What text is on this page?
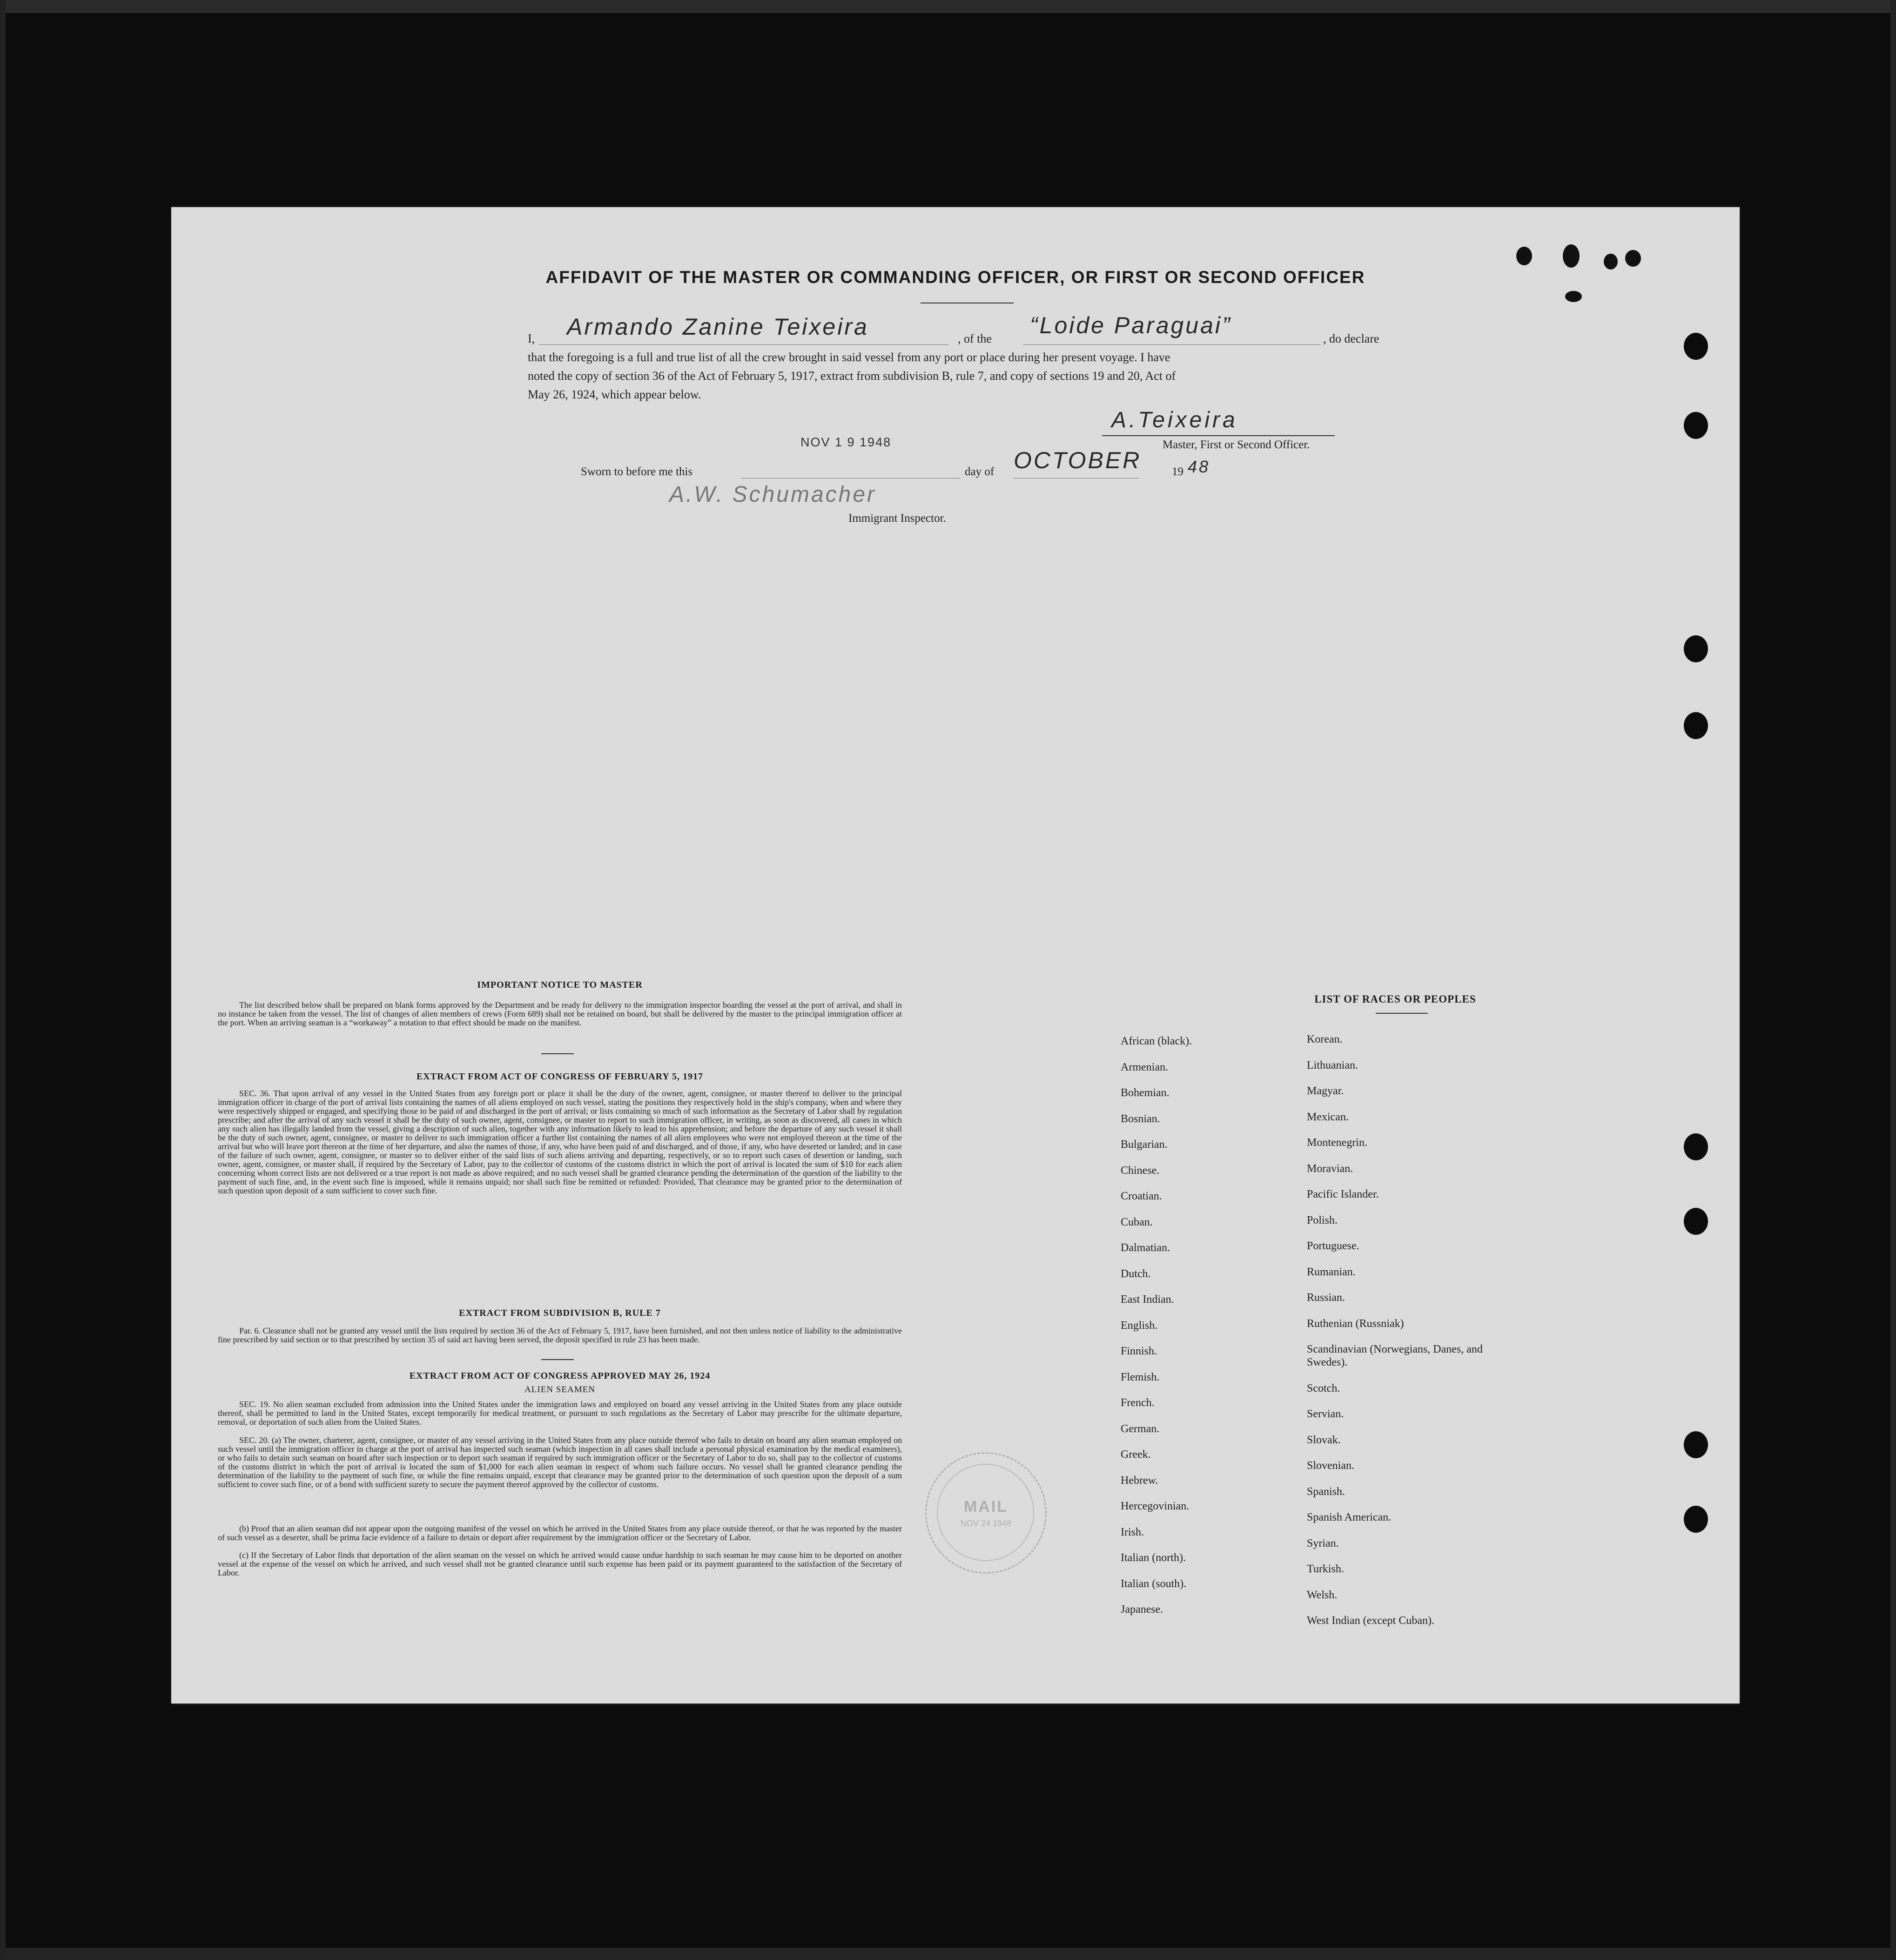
AFFIDAVIT OF THE MASTER OR COMMANDING OFFICER, OR FIRST OR SECOND OFFICER
I, Armando Zanine Teixeira	, of the
“Loide Paraguai”
, do declare
that the foregoing is a full and true list of all the crew brought in said vessel from any port or place during her present voyage. I have
noted the copy of section 36 of the Act of February 5, 1917, extract from subdivision B, rule 7, and copy of sections 19 and 20, Act of
May 26, 1924, which appear below.
NOV 1 9 1948
A.Teixeira
Master, First or Second Officer.
Sworn to before me this	day of OCTOBER	19 48
A.W. Schumacher
Immigrant Inspector.
IMPORTANT NOTICE TO MASTER
The list described below shall be prepared on blank forms approved by the Department and be ready for delivery to the immigration inspector boarding the vessel at the port of arrival, and shall in no instance be taken from the vessel. The list of changes of alien members of crews (Form 689) shall not be retained on board, but shall be delivered by the master to the principal immigration officer at the port. When an arriving seaman is a “workaway” a notation to that effect should be made on the manifest.
EXTRACT FROM ACT OF CONGRESS OF FEBRUARY 5, 1917
SEC. 36. That upon arrival of any vessel in the United States from any foreign port or place it shall be the duty of the owner, agent, consignee, or master thereof to deliver to the principal immigration officer in charge of the port of arrival lists containing the names of all aliens employed on such vessel, stating the positions they respectively hold in the ship's company, when and where they were respectively shipped or engaged, and specifying those to be paid of and discharged in the port of arrival; or lists containing so much of such information as the Secretary of Labor shall by regulation prescribe; and after the arrival of any such vessel it shall be the duty of such owner, agent, consignee, or master to report to such immigration officer, in writing, as soon as discovered, all cases in which any such alien has illegally landed from the vessel, giving a description of such alien, together with any information likely to lead to his apprehension; and before the departure of any such vessel it shall be the duty of such owner, agent, consignee, or master to deliver to such immigration officer a further list containing the names of all alien employees who were not employed thereon at the time of the arrival but who will leave port thereon at the time of her departure, and also the names of those, if any, who have been paid of and discharged, and of those, if any, who have deserted or landed; and in case of the failure of such owner, agent, consignee, or master so to deliver either of the said lists of such aliens arriving and departing, respectively, or so to report such cases of desertion or landing, such owner, agent, consignee, or master shall, if required by the Secretary of Labor, pay to the collector of customs of the customs district in which the port of arrival is located the sum of $10 for each alien concerning whom correct lists are not delivered or a true report is not made as above required; and no such vessel shall be granted clearance pending the determination of the question of the liability to the payment of such fine, and, in the event such fine is imposed, while it remains unpaid; nor shall such fine be remitted or refunded: Provided, That clearance may be granted prior to the determination of such question upon deposit of a sum sufficient to cover such fine.
EXTRACT FROM SUBDIVISION B, RULE 7
Par. 6. Clearance shall not be granted any vessel until the lists required by section 36 of the Act of February 5, 1917, have been furnished, and not then unless notice of liability to the administrative fine prescribed by said section or to that prescribed by section 35 of said act having been served, the deposit specified in rule 23 has been made.
EXTRACT FROM ACT OF CONGRESS APPROVED MAY 26, 1924
ALIEN SEAMEN
SEC. 19. No alien seaman excluded from admission into the United States under the immigration laws and employed on board any vessel arriving in the United States from any place outside thereof, shall be permitted to land in the United States, except temporarily for medical treatment, or pursuant to such regulations as the Secretary of Labor may prescribe for the ultimate departure, removal, or deportation of such alien from the United States.
SEC. 20. (a) The owner, charterer, agent, consignee, or master of any vessel arriving in the United States from any place outside thereof who fails to detain on board any alien seaman employed on such vessel until the immigration officer in charge at the port of arrival has inspected such seaman (which inspection in all cases shall include a personal physical examination by the medical examiners), or who fails to detain such seaman on board after such inspection or to deport such seaman if required by such immigration officer or the Secretary of Labor to do so, shall pay to the collector of customs of the customs district in which the port of arrival is located the sum of $1,000 for each alien seaman in respect of whom such failure occurs. No vessel shall be granted clearance pending the determination of the liability to the payment of such fine, or while the fine remains unpaid, except that clearance may be granted prior to the determination of such question upon the deposit of a sum sufficient to cover such fine, or of a bond with sufficient surety to secure the payment thereof approved by the collector of customs.
(b) Proof that an alien seaman did not appear upon the outgoing manifest of the vessel on which he arrived in the United States from any place outside thereof, or that he was reported by the master of such vessel as a deserter, shall be prima facie evidence of a failure to detain or deport after requirement by the immigration officer or the Secretary of Labor.
(c) If the Secretary of Labor finds that deportation of the alien seaman on the vessel on which he arrived would cause undue hardship to such seaman he may cause him to be deported on another vessel at the expense of the vessel on which he arrived, and such vessel shall not be granted clearance until such expense has been paid or its payment guaranteed to the satisfaction of the Secretary of Labor.
MAIL
NOV 24 1948
LIST OF RACES OR PEOPLES
African (black).
Armenian.
Bohemian.
Bosnian.
Bulgarian.
Chinese.
Croatian.
Cuban.
Dalmatian.
Dutch.
East Indian.
English.
Finnish.
Flemish.
French.
German.
Greek.
Hebrew.
Hercegovinian.
Irish.
Italian (north).
Italian (south).
Japanese.
Korean.
Lithuanian.
Magyar.
Mexican.
Montenegrin.
Moravian.
Pacific Islander.
Polish.
Portuguese.
Rumanian.
Russian.
Ruthenian (Russniak)
Scandinavian (Norwegians, Danes, and Swedes).
Scotch.
Servian.
Slovak.
Slovenian.
Spanish.
Spanish American.
Syrian.
Turkish.
Welsh.
West Indian (except Cuban).
